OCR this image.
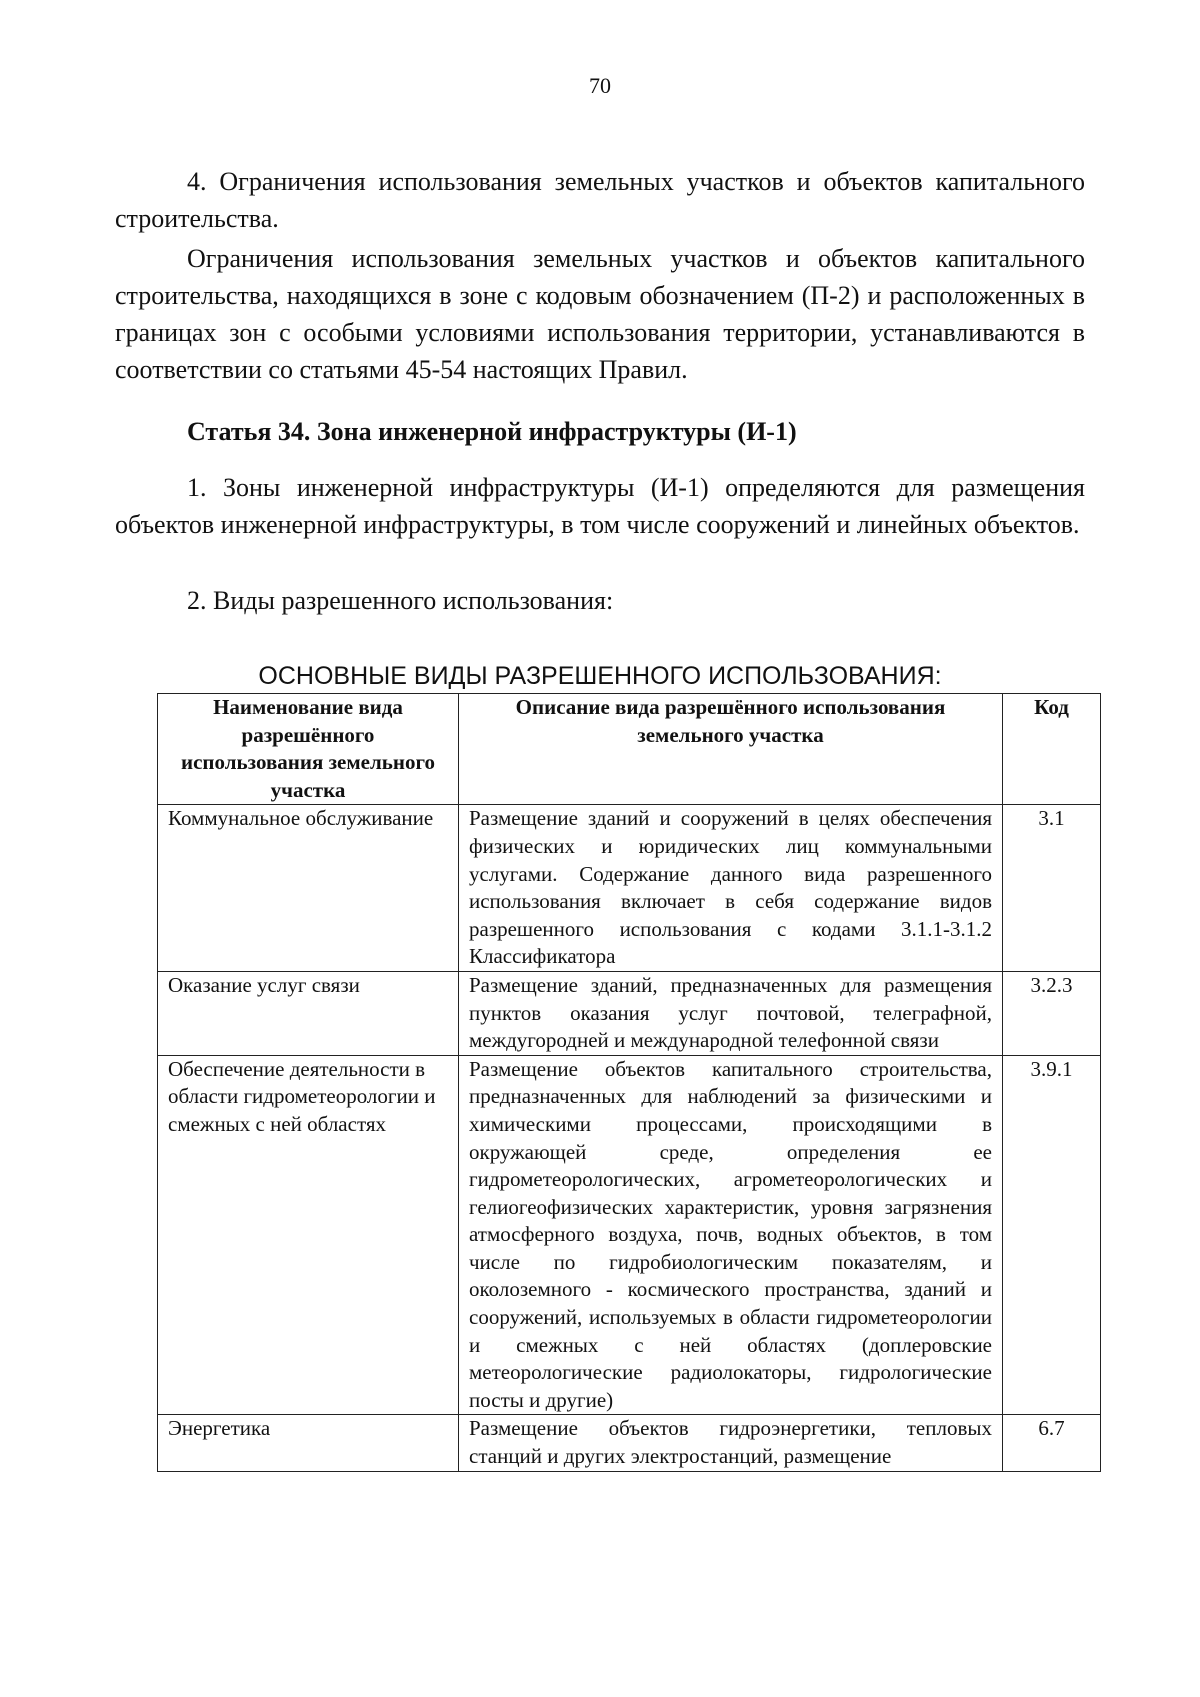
70

4. Ограничения использования земельных участков и объектов капитального строительства.

Ограничения использования земельных участков и объектов капитального строительства, находящихся в зоне с кодовым обозначением (П-2) и расположенных в границах зон с особыми условиями использования территории, устанавливаются в соответствии со статьями 45-54 настоящих Правил.

Статья 34. Зона инженерной инфраструктуры (И-1)

1. Зоны инженерной инфраструктуры (И-1) определяются для размещения объектов инженерной инфраструктуры, в том числе сооружений и линейных объектов.

2. Виды разрешенного использования:

ОСНОВНЫЕ ВИДЫ РАЗРЕШЕННОГО ИСПОЛЬЗОВАНИЯ:
Наименование вида разрешённого использования земельного участка	Описание вида разрешённого использования земельного участка	Код
Коммунальное обслуживание	Размещение зданий и сооружений в целях обеспечения физических и юридических лиц коммунальными услугами. Содержание данного вида разрешенного использования включает в себя содержание видов разрешенного использования с кодами 3.1.1-3.1.2 Классификатора	3.1
Оказание услуг связи	Размещение зданий, предназначенных для размещения пунктов оказания услуг почтовой, телеграфной, междугородней и международной телефонной связи	3.2.3
Обеспечение деятельности в области гидрометеорологии и смежных с ней областях	Размещение объектов капитального строительства, предназначенных для наблюдений за физическими и химическими процессами, происходящими в окружающей среде, определения ее гидрометеорологических, агрометеорологических и гелиогеофизических характеристик, уровня загрязнения атмосферного воздуха, почв, водных объектов, в том числе по гидробиологическим показателям, и околоземного - космического пространства, зданий и сооружений, используемых в области гидрометеорологии и смежных с ней областях (доплеровские метеорологические радиолокаторы, гидрологические посты и другие)	3.9.1
Энергетика	Размещение объектов гидроэнергетики, тепловых станций и других электростанций, размещение	6.7
